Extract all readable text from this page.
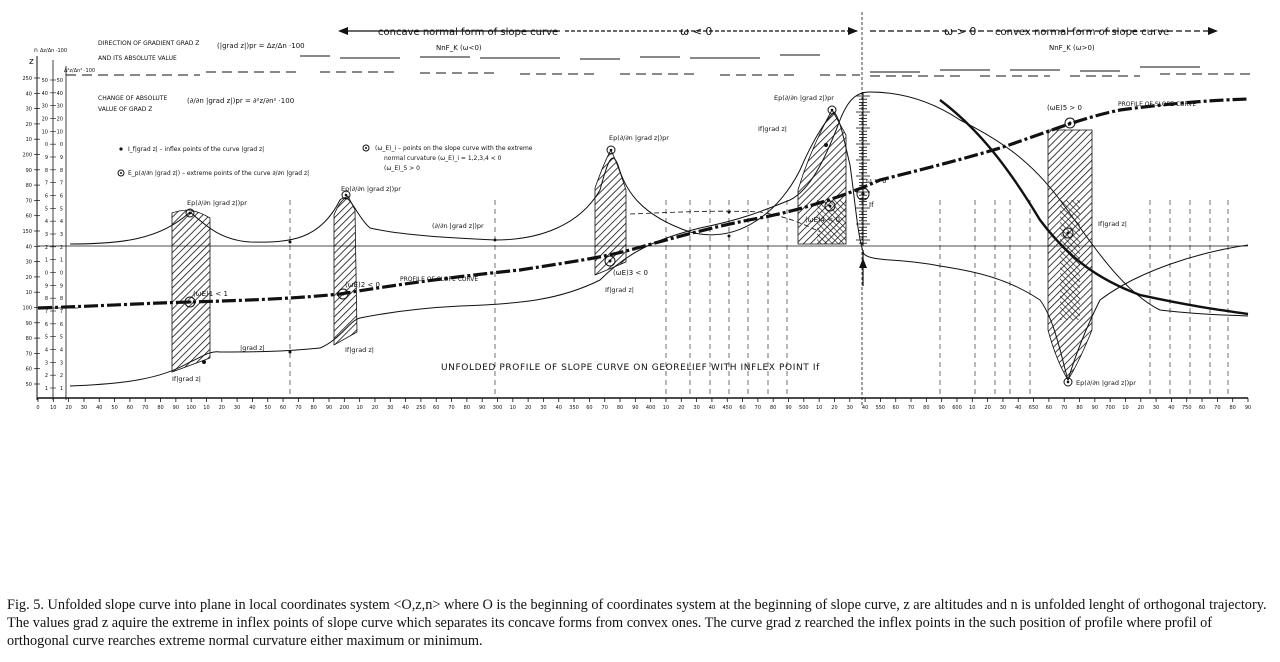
concave normal form of slope curve	ω < 0	ω > 0 convex normal form of slope curve
NnF_K (ω<0)	NnF_K (ω>0)
DIRECTION OF GRADIENT GRAD Z
AND ITS ABSOLUTE VALUE
(|grad z|)pr = Δz/Δn ·100
CHANGE OF ABSOLUTE
VALUE OF GRAD Z
(∂/∂n |grad z|)pr = ∂²z/∂n² ·100
I_f|grad z| – inflex points of the curve |grad z|
E_p(∂/∂n |grad z|) – extreme points of the curve ∂/∂n |grad z|
(ω_E)_i – points on the slope curve with the extreme
normal curvature (ω_E)_i = 1,2,3,4 < 0
(ω_E)_5 > 0
z
n Δz/Δn ·100
Δ²z/Δn² ·100
250
40
30
20
10
200
90
80
70
60
150
40
30
20
10
100
90
80
70
60
50
50 50
40 40
30 30
20 20
10 10
0 0
9 9
8 8
7 7
6 6
5 5
4 4
3 3
2 2
1 1
0 0
9 9
8 8
7 7
6 6
5 5
4 4
3 3
2 2
1 1
0 10 20 30 40 50 60 70 80 90 100 10 20 30 40 50 60 70 80 90 200 10 20 30 40 250 60 70 80 90 300 10 20 30 40 350 60 70 80 90 400 10 20 30 40 450 60 70 80 90 500 10 20 30 40 550 60 70 80 90 600 10 20 30 40 650 60 70 80 90 700 10 20 30 40 750 60 70 80 90
Ep(∂/∂n |grad z|)pr
Ep(∂/∂n |grad z|)pr
Ep(∂/∂n |grad z|)pr
Ep(∂/∂n |grad z|)pr
Ep(∂/∂n |grad z|)pr
(∂/∂n |grad z|)pr
(ωE)1 < 1
(ωE)2 < 0
(ωE)3 < 0
(ωE)4 < 0
(ωE)5 > 0
ω = 0
If
If|grad z|
If|grad z|
If|grad z|
If|grad z|
If|grad z|
|grad z|
PROFILE OF SLOPE CURVE
PROFILE OF SLOPE CURVE
UNFOLDED PROFILE OF SLOPE CURVE ON GEORELIEF WITH INFLEX POINT If
Fig. 5. Unfolded slope curve into plane in local coordinates system <O,z,n> where O is the beginning of coordinates system at the beginning of slope curve, z are altitudes and n is unfolded lenght of orthogonal trajectory. The values grad z aquire the extreme in inflex points of slope curve which separates its concave forms from convex ones. The curve grad z rearched the inflex points in the such position of profile where profil of orthogonal curve rearches extreme normal curvature either maximum or minimum.
